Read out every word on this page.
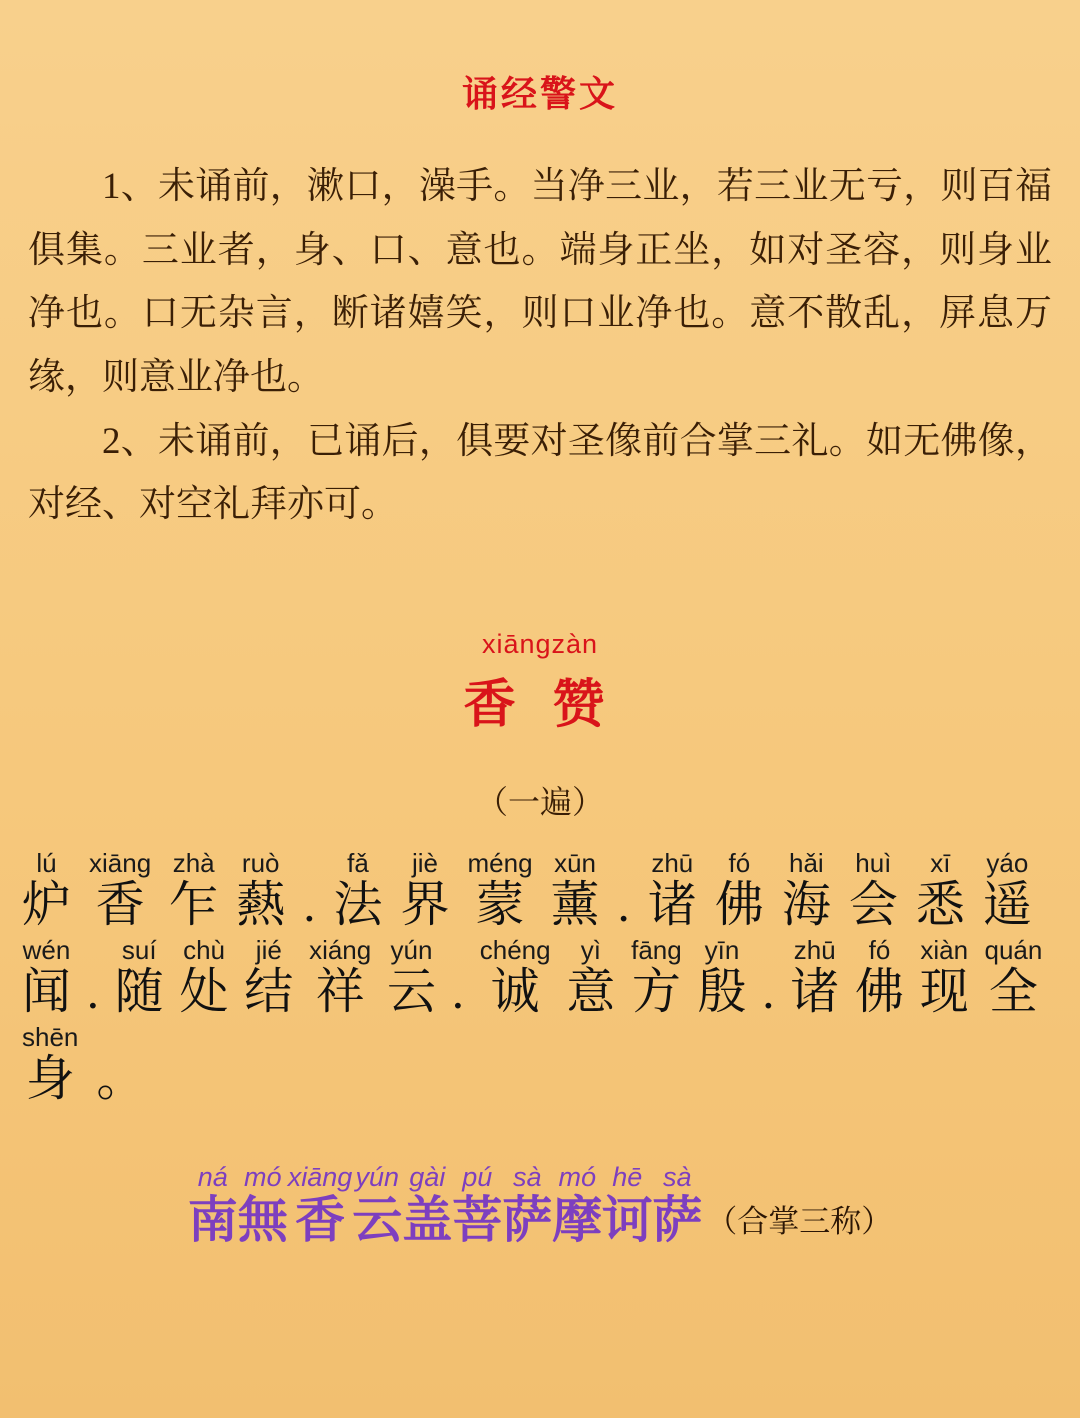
诵经警文

1、未诵前，漱口，澡手。当净三业，若三业无亏，则百福俱集。三业者，身、口、意也。端身正坐，如对圣容，则身业净也。口无杂言，断诸嬉笑，则口业净也。意不散乱，屏息万缘，则意业净也。

2、未诵前，已诵后，俱要对圣像前合掌三礼。如无佛像，对经、对空礼拜亦可。

xiāngzàn
香 赞
（一遍）
lú
炉
xiāng
香
zhà
乍
ruò
爇 .
fǎ
法
jiè
界
méng
蒙
xūn
薰 .
zhū
诸
fó
佛
hǎi
海
huì
会
xī
悉
yáo
遥
wén
闻 .
suí
随
chù
处
jié
结
xiáng
祥
yún
云 .
chéng
诚
yì
意
fāng
方
yīn
殷 .
zhū
诸
fó
佛
xiàn
现
quán
全
shēn
身 。
ná
南
mó
無
xiāng
香
yún
云
gài
盖
pú
菩
sà
萨
mó
摩
hē
诃
sà
萨 （合掌三称）
